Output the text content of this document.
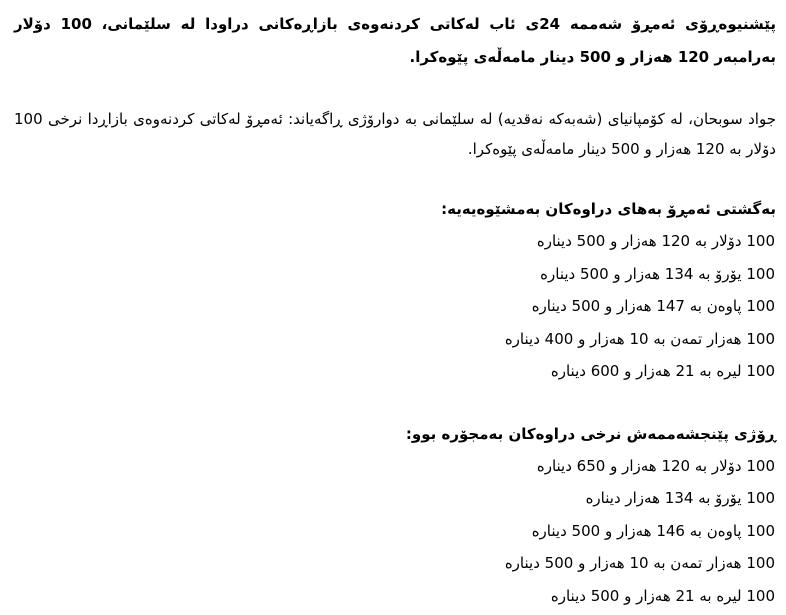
پێشنیوەڕۆی ئەمڕۆ شەممە 24ی ئاب لەکاتی کردنەوەی بازاڕەکانی دراودا لە سلێمانی، 100 دۆلار بەرامبەر 120 هەزار و 500 دینار مامەڵەی پێوەکرا.

جواد سوبحان، لە کۆمپانیای (شەبەکە نەقدیە) لە سلێمانی بە دوارۆژی ڕاگەیاند: ئەمڕۆ لەکاتی کردنەوەی بازاڕدا نرخی 100 دۆلار بە 120 هەزار و 500 دینار مامەڵەی پێوەکرا.

بەگشتی ئەمڕۆ بەهای دراوەکان بەمشێوەیەیە:

100 دۆلار بە 120 هەزار و 500 دینارە
100 یۆرۆ بە 134 هەزار و 500 دینارە
100 پاوەن بە 147 هەزار و 500 دینارە
100 هەزار تمەن بە 10 هەزار و 400 دینارە
100 لیرە بە 21 هەزار و 600 دینارە

ڕۆژی پێنجشەممەش نرخی دراوەکان بەمجۆرە بوو:

100 دۆلار بە 120 هەزار و 650 دینارە
100 یۆرۆ بە 134 هەزار دینارە
100 پاوەن بە 146 هەزار و 500 دینارە
100 هەزار تمەن بە 10 هەزار و 500 دینارە
100 لیرە بە 21 هەزار و 500 دینارە
